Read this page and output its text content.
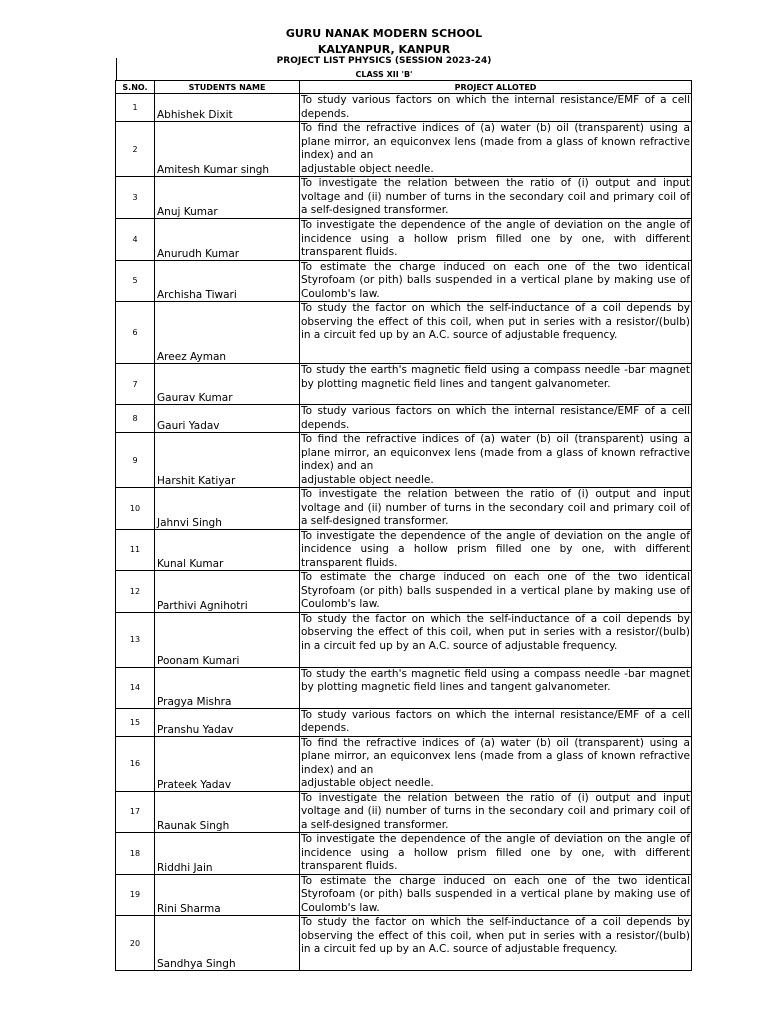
GURU NANAK MODERN SCHOOL
KALYANPUR, KANPUR
PROJECT LIST PHYSICS (SESSION 2023-24)
CLASS XII 'B'
S.NO.	STUDENTS NAME	PROJECT ALLOTED
1	Abhishek Dixit	To study various factors on which the internal resistance/EMF of a cell depends.

2	Amitesh Kumar singh	To find the refractive indices of (a) water (b) oil (transparent) using a plane mirror, an equiconvex lens (made from a glass of known refractive index) and an
adjustable object needle.

3	Anuj Kumar	To investigate the relation between the ratio of (i) output and input voltage and (ii) number of turns in the secondary coil and primary coil of a self-designed transformer.

4	Anurudh Kumar	To investigate the dependence of the angle of deviation on the angle of incidence using a hollow prism filled one by one, with different transparent fluids.

5	Archisha Tiwari	To estimate the charge induced on each one of the two identical Styrofoam (or pith) balls suspended in a vertical plane by making use of Coulomb's law.

6	Areez Ayman	To study the factor on which the self-inductance of a coil depends by observing the effect of this coil, when put in series with a resistor/(bulb) in a circuit fed up by an A.C. source of adjustable frequency.

7	Gaurav Kumar	To study the earth's magnetic field using a compass needle -bar magnet by plotting magnetic field lines and tangent galvanometer.

8	Gauri Yadav	To study various factors on which the internal resistance/EMF of a cell depends.

9	Harshit Katiyar	To find the refractive indices of (a) water (b) oil (transparent) using a plane mirror, an equiconvex lens (made from a glass of known refractive index) and an
adjustable object needle.

10	Jahnvi Singh	To investigate the relation between the ratio of (i) output and input voltage and (ii) number of turns in the secondary coil and primary coil of a self-designed transformer.

11	Kunal Kumar	To investigate the dependence of the angle of deviation on the angle of incidence using a hollow prism filled one by one, with different transparent fluids.

12	Parthivi Agnihotri	To estimate the charge induced on each one of the two identical Styrofoam (or pith) balls suspended in a vertical plane by making use of Coulomb's law.

13	Poonam Kumari	To study the factor on which the self-inductance of a coil depends by observing the effect of this coil, when put in series with a resistor/(bulb) in a circuit fed up by an A.C. source of adjustable frequency.

14	Pragya Mishra	To study the earth's magnetic field using a compass needle -bar magnet by plotting magnetic field lines and tangent galvanometer.

15	Pranshu Yadav	To study various factors on which the internal resistance/EMF of a cell depends.

16	Prateek Yadav	To find the refractive indices of (a) water (b) oil (transparent) using a plane mirror, an equiconvex lens (made from a glass of known refractive index) and an
adjustable object needle.

17	Raunak Singh	To investigate the relation between the ratio of (i) output and input voltage and (ii) number of turns in the secondary coil and primary coil of a self-designed transformer.

18	Riddhi Jain	To investigate the dependence of the angle of deviation on the angle of incidence using a hollow prism filled one by one, with different transparent fluids.

19	Rini Sharma	To estimate the charge induced on each one of the two identical Styrofoam (or pith) balls suspended in a vertical plane by making use of Coulomb's law.

20	Sandhya Singh	To study the factor on which the self-inductance of a coil depends by observing the effect of this coil, when put in series with a resistor/(bulb) in a circuit fed up by an A.C. source of adjustable frequency.
